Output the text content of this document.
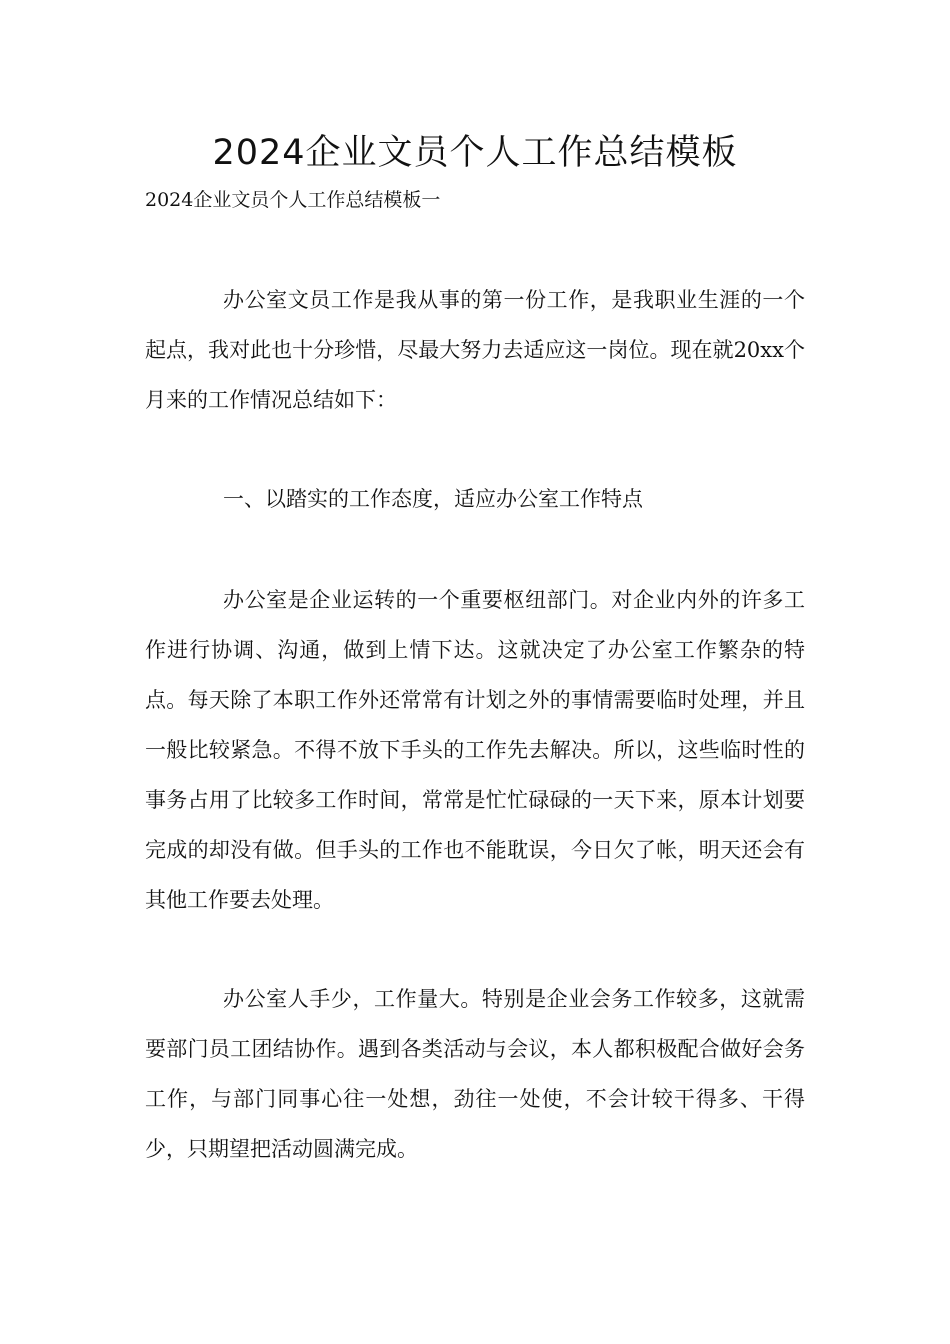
2024企业文员个人工作总结模板
2024企业文员个人工作总结模板一

办公室文员工作是我从事的第一份工作，是我职业生涯的一个起点，我对此也十分珍惜，尽最大努力去适应这一岗位。现在就20xx个月来的工作情况总结如下：

一、以踏实的工作态度，适应办公室工作特点

办公室是企业运转的一个重要枢纽部门。对企业内外的许多工作进行协调、沟通，做到上情下达。这就决定了办公室工作繁杂的特点。每天除了本职工作外还常常有计划之外的事情需要临时处理，并且一般比较紧急。不得不放下手头的工作先去解决。所以，这些临时性的事务占用了比较多工作时间，常常是忙忙碌碌的一天下来，原本计划要完成的却没有做。但手头的工作也不能耽误，今日欠了帐，明天还会有其他工作要去处理。

办公室人手少，工作量大。特别是企业会务工作较多，这就需要部门员工团结协作。遇到各类活动与会议，本人都积极配合做好会务工作，与部门同事心往一处想，劲往一处使，不会计较干得多、干得少，只期望把活动圆满完成。
